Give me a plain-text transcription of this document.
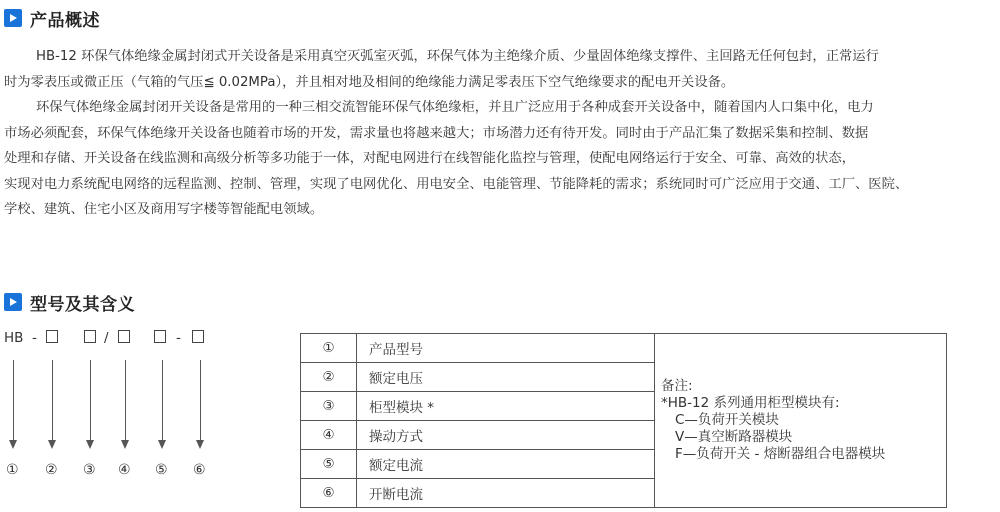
产品概述
HB-12 环保气体绝缘金属封闭式开关设备是采用真空灭弧室灭弧，环保气体为主绝缘介质、少量固体绝缘支撑件、主回路无任何包封，正常运行
时为零表压或微正压（气箱的气压≦ 0.02MPa），并且相对地及相间的绝缘能力满足零表压下空气绝缘要求的配电开关设备。
环保气体绝缘金属封闭开关设备是常用的一种三相交流智能环保气体绝缘柜，并且广泛应用于各种成套开关设备中，随着国内人口集中化，电力
市场必须配套，环保气体绝缘开关设备也随着市场的开发，需求量也将越来越大；市场潜力还有待开发。同时由于产品汇集了数据采集和控制、数据
处理和存储、开关设备在线监测和高级分析等多功能于一体，对配电网进行在线智能化监控与管理，使配电网络运行于安全、可靠、高效的状态，
实现对电力系统配电网络的远程监测、控制、管理，实现了电网优化、用电安全、电能管理、节能降耗的需求；系统同时可广泛应用于交通、工厂、医院、
学校、建筑、住宅小区及商用写字楼等智能配电领域。
型号及其含义
HB -	/	-
① ② ③ ④ ⑤ ⑥
①	产品型号	备注:
*HB-12 系列通用柜型模块有:
C—负荷开关模块
V—真空断路器模块
F—负荷开关 - 熔断器组合电器模块

②	额定电压	
③	柜型模块 *	
④	操动方式	
⑤	额定电流	
⑥	开断电流	
